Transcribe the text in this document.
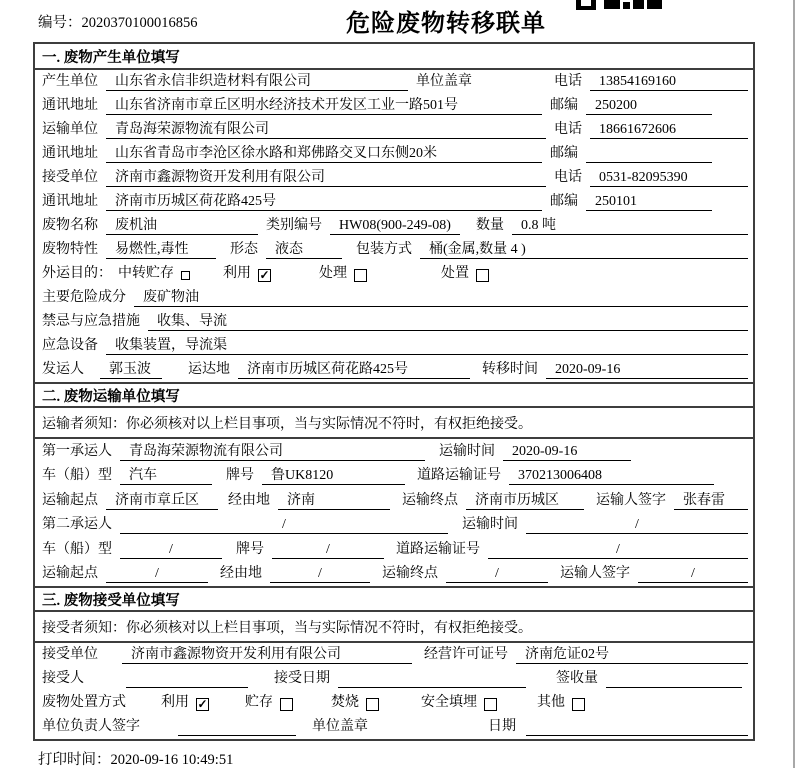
编号：2020370100016856	危险废物转移联单
一. 废物产生单位填写
产生单位	山东省永信非织造材料有限公司	单位盖章	电话	13854169160
通讯地址	山东省济南市章丘区明水经济技术开发区工业一路501号	邮编	250200
运输单位	青岛海荣源物流有限公司	电话	18661672606
通讯地址	山东省青岛市李沧区徐水路和郑佛路交叉口东侧20米	邮编
接受单位	济南市鑫源物资开发利用有限公司	电话	0531-82095390
通讯地址	济南市历城区荷花路425号	邮编	250101
废物名称	废机油	类别编号	HW08(900-249-08)	数量	0.8 吨
废物特性	易燃性,毒性	形态	液态	包装方式	桶(金属,数量 4 )
外运目的： 中转贮存	利用 ✓	处理	处置
主要危险成分	废矿物油
禁忌与应急措施	收集、导流
应急设备	收集装置，导流渠
发运人	郭玉波	运达地	济南市历城区荷花路425号	转移时间	2020-09-16
二. 废物运输单位填写
运输者须知：你必须核对以上栏目事项，当与实际情况不符时，有权拒绝接受。
第一承运人	青岛海荣源物流有限公司	运输时间	2020-09-16
车（船）型	汽车	牌号	鲁UK8120	道路运输证号	370213006408
运输起点	济南市章丘区	经由地	济南	运输终点	济南市历城区	运输人签字	张春雷
第二承运人	/	运输时间	/
车（船）型	/	牌号	/	道路运输证号	/
运输起点	/	经由地	/	运输终点	/	运输人签字	/
三. 废物接受单位填写
接受者须知：你必须核对以上栏目事项，当与实际情况不符时，有权拒绝接受。
接受单位	济南市鑫源物资开发利用有限公司	经营许可证号	济南危证02号
接受人	接受日期	签收量
废物处置方式	利用 ✓	贮存	焚烧	安全填埋	其他
单位负责人签字	单位盖章	日期
打印时间：2020-09-16 10:49:51
